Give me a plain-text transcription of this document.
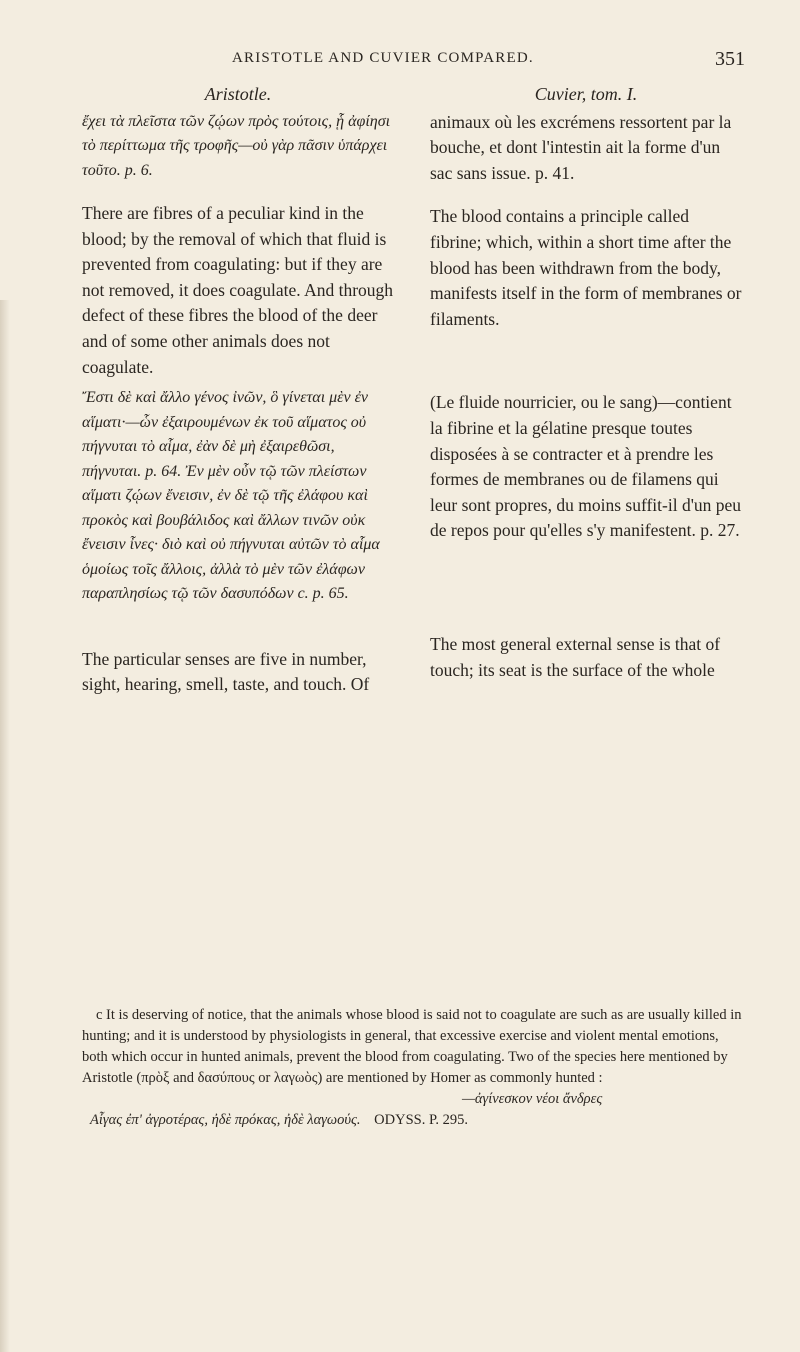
ARISTOTLE AND CUVIER COMPARED.	351
Aristotle.

ἔχει τὰ πλεῖστα τῶν ζῴων πρὸς τούτοις, ᾗ ἀφίησι τὸ περίττωμα τῆς τροφῆς—οὐ γὰρ πᾶσιν ὑπάρχει τοῦτο. p. 6.

There are fibres of a peculiar kind in the blood; by the removal of which that fluid is prevented from coagulating: but if they are not removed, it does coagulate. And through defect of these fibres the blood of the deer and of some other animals does not coagulate.

Ἔστι δὲ καὶ ἄλλο γένος ἰνῶν, ὃ γίνεται μὲν ἐν αἵματι·—ὧν ἐξαιρουμένων ἐκ τοῦ αἵματος οὐ πήγνυται τὸ αἷμα, ἐὰν δὲ μὴ ἐξαιρεθῶσι, πήγνυται. p. 64. Ἐν μὲν οὖν τῷ τῶν πλείστων αἵματι ζῴων ἔνεισιν, ἐν δὲ τῷ τῆς ἐλάφου καὶ προκὸς καὶ βουβάλιδος καὶ ἄλλων τινῶν οὐκ ἔνεισιν ἶνες· διὸ καὶ οὐ πήγνυται αὐτῶν τὸ αἷμα ὁμοίως τοῖς ἄλλοις, ἀλλὰ τὸ μὲν τῶν ἐλάφων παραπλησίως τῷ τῶν δασυπόδων c. p. 65.

The particular senses are five in number, sight, hearing, smell, taste, and touch. Of

Cuvier, tom. I.

animaux où les excrémens ressortent par la bouche, et dont l'intestin ait la forme d'un sac sans issue. p. 41.

The blood contains a principle called fibrine; which, within a short time after the blood has been withdrawn from the body, manifests itself in the form of membranes or filaments.

(Le fluide nourricier, ou le sang)—contient la fibrine et la gélatine presque toutes disposées à se contracter et à prendre les formes de membranes ou de filamens qui leur sont propres, du moins suffit-il d'un peu de repos pour qu'elles s'y manifestent. p. 27.

The most general external sense is that of touch; its seat is the surface of the whole

c It is deserving of notice, that the animals whose blood is said not to coagulate are such as are usually killed in hunting; and it is understood by physiologists in general, that excessive exercise and violent mental emotions, both which occur in hunted animals, prevent the blood from coagulating. Two of the species here mentioned by Aristotle (πρὸξ and δασύπους or λαγωὸς) are mentioned by Homer as commonly hunted :

—ἀγίνεσκον νέοι ἄνδρες
Αἶγας ἐπ' ἀγροτέρας, ἠδὲ πρόκας, ἠδὲ λαγωούς. ODYSS. P. 295.
